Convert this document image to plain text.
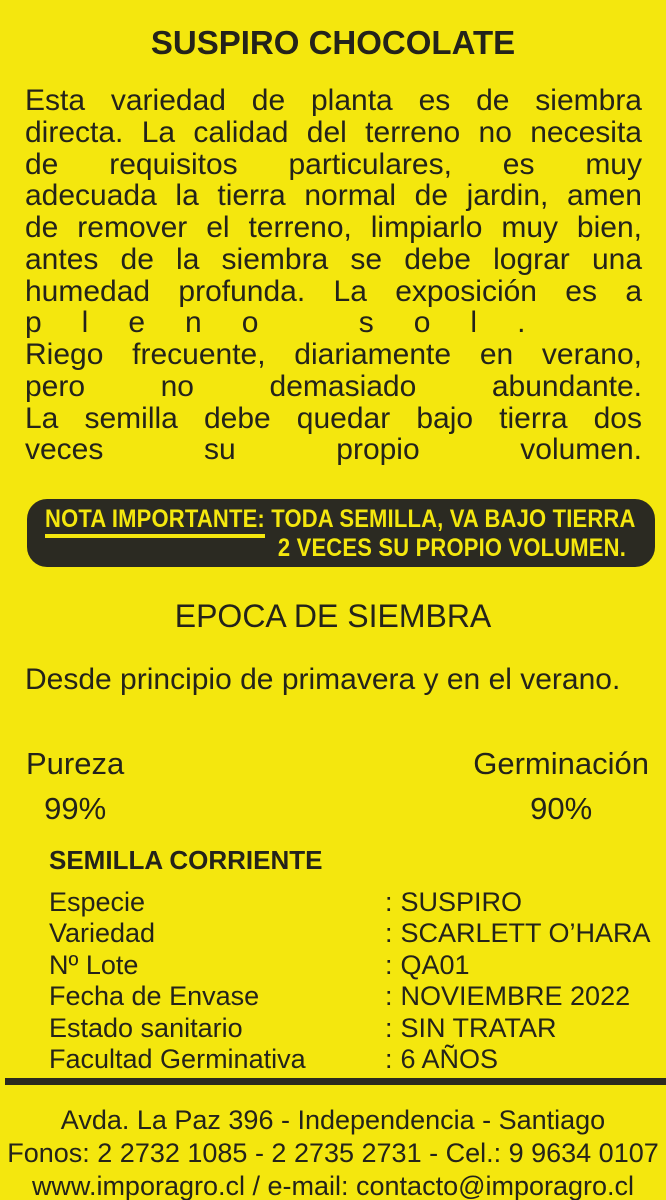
SUSPIRO CHOCOLATE
Esta variedad de planta es de siembra
directa. La calidad del terreno no necesita
de requisitos particulares, es muy
adecuada la tierra normal de jardin, amen
de remover el terreno, limpiarlo muy bien,
antes de la siembra se debe lograr una
humedad profunda. La exposición es a
pleno sol.
Riego frecuente, diariamente en verano,
pero no demasiado abundante.
La semilla debe quedar bajo tierra dos
veces su propio volumen.
NOTA IMPORTANTE: TODA SEMILLA, VA BAJO TIERRA
2 VECES SU PROPIO VOLUMEN.
EPOCA DE SIEMBRA
Desde principio de primavera y en el verano.
Pureza
99%
Germinación
90%
SEMILLA CORRIENTE
Especie	: SUSPIRO
Variedad	: SCARLETT O’HARA
Nº Lote	: QA01
Fecha de Envase	: NOVIEMBRE 2022
Estado sanitario	: SIN TRATAR
Facultad Germinativa	: 6 AÑOS
Avda. La Paz 396 - Independencia - Santiago
Fonos: 2 2732 1085 - 2 2735 2731 - Cel.: 9 9634 0107
www.imporagro.cl / e-mail: contacto@imporagro.cl
